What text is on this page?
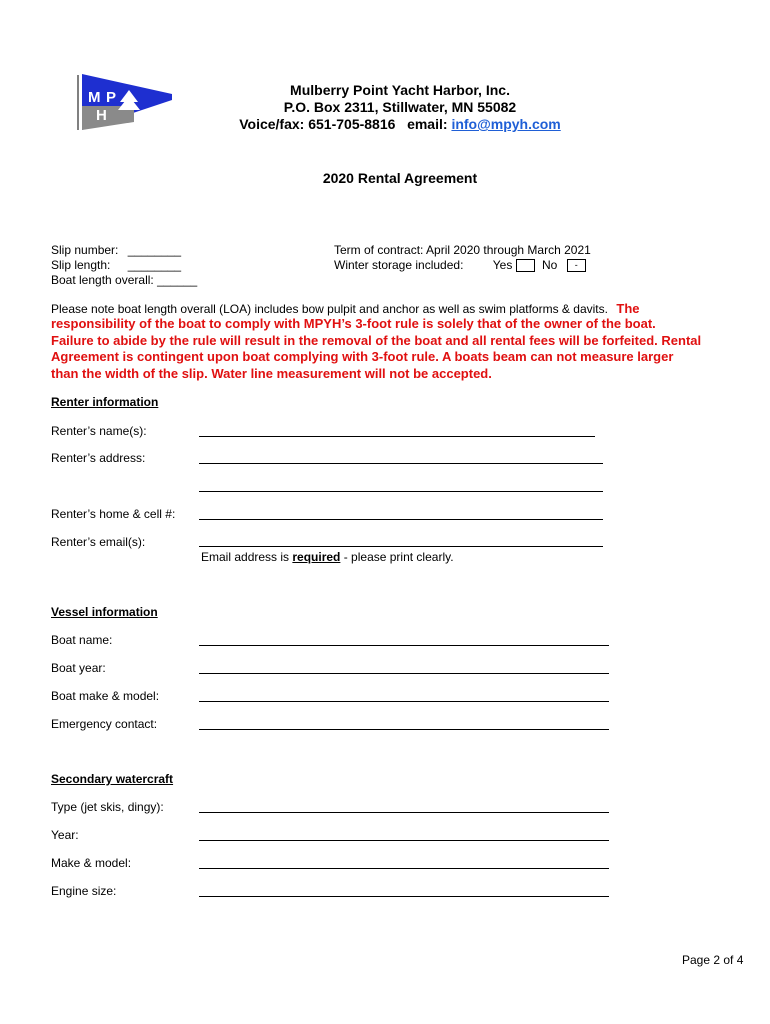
M P
H
Mulberry Point Yacht Harbor, Inc.
P.O. Box 2311, Stillwater, MN 55082
Voice/fax: 651-705-8816   email: info@mpyh.com
2020 Rental Agreement
Slip number: ________
Slip length: ________
Boat length overall: ______
Term of contract: April 2020 through March 2021
Winter storage included: Yes No -
Please note boat length overall (LOA) includes bow pulpit and anchor as well as swim platforms & davits. The
responsibility of the boat to comply with MPYH’s 3-foot rule is solely that of the owner of the boat.
Failure to abide by the rule will result in the removal of the boat and all rental fees will be forfeited. Rental
Agreement is contingent upon boat complying with 3-foot rule. A boats beam can not measure larger
than the width of the slip. Water line measurement will not be accepted.
Renter information
Renter’s name(s):
Renter’s address:
Renter’s home & cell #:
Renter’s email(s):
Email address is required - please print clearly.
Vessel information
Boat name:
Boat year:
Boat make & model:
Emergency contact:
Secondary watercraft
Type (jet skis, dingy):
Year:
Make & model:
Engine size:
Page 2 of 4
